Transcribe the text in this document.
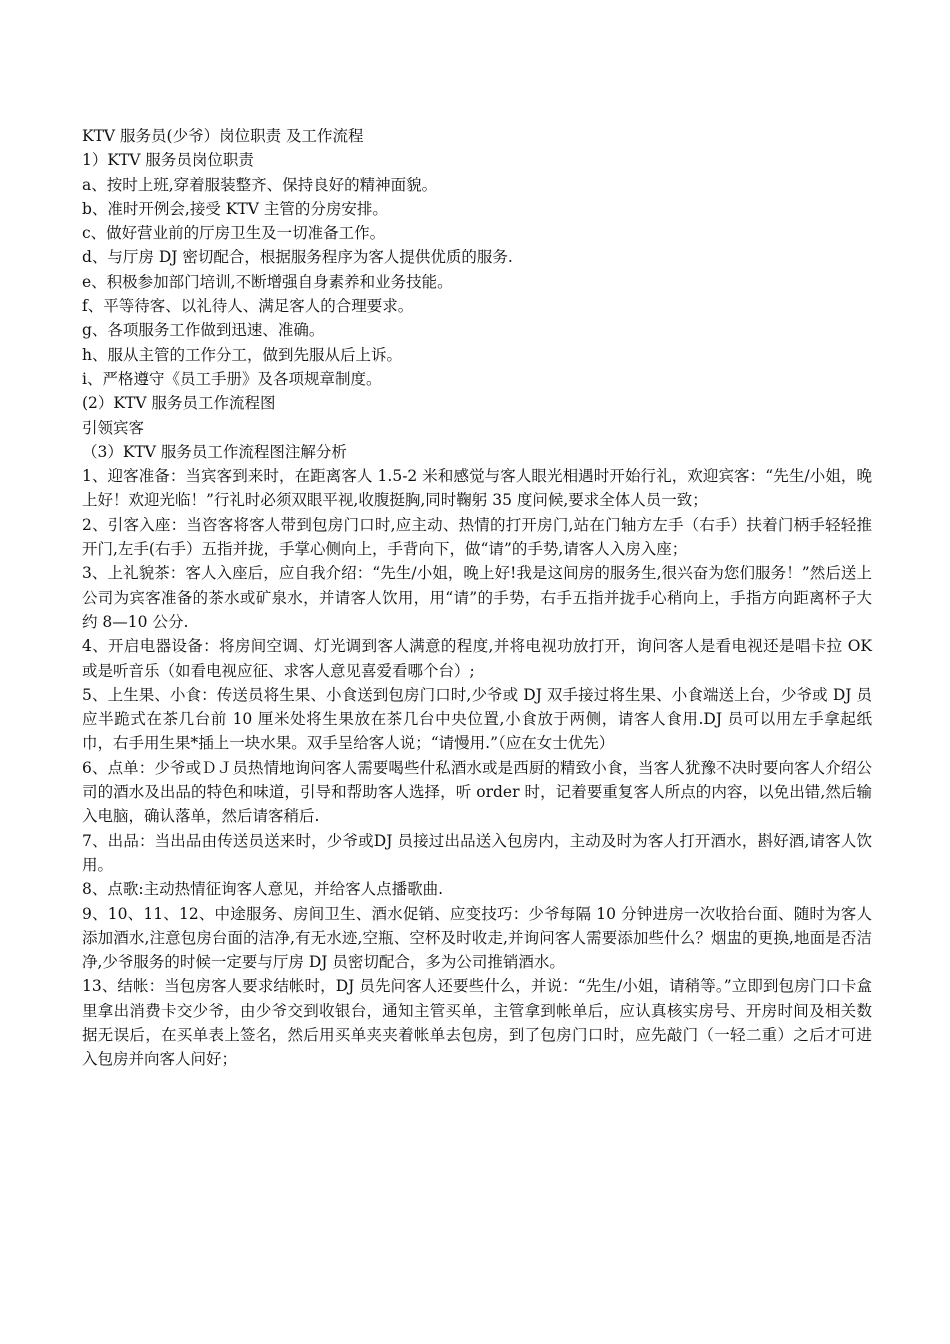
KTV 服务员(少爷）岗位职责 及工作流程

1）KTV 服务员岗位职责

a、按时上班,穿着服装整齐、保持良好的精神面貌。

b、准时开例会,接受 KTV 主管的分房安排。

c、做好营业前的厅房卫生及一切准备工作。

d、与厅房 DJ 密切配合，根据服务程序为客人提供优质的服务.

e、积极参加部门培训,不断增强自身素养和业务技能。

f、平等待客、以礼待人、满足客人的合理要求。

g、各项服务工作做到迅速、准确。

h、服从主管的工作分工，做到先服从后上诉。

i、严格遵守《员工手册》及各项规章制度。

(2）KTV 服务员工作流程图

引领宾客

（3）KTV 服务员工作流程图注解分析

1、迎客准备：当宾客到来时，在距离客人 1.5-2 米和感觉与客人眼光相遇时开始行礼，欢迎宾客：“先生/小姐，晚上好！欢迎光临！”行礼时必须双眼平视,收腹挺胸,同时鞠躬 35 度问候,要求全体人员一致；

2、引客入座：当咨客将客人带到包房门口时,应主动、热情的打开房门,站在门轴方左手（右手）扶着门柄手轻轻推开门,左手(右手）五指并拢，手掌心侧向上，手背向下，做“请”的手势,请客人入房入座；

3、上礼貌茶：客人入座后，应自我介绍：“先生/小姐，晚上好!我是这间房的服务生,很兴奋为您们服务！”然后送上公司为宾客准备的茶水或矿泉水，并请客人饮用，用“请”的手势，右手五指并拢手心稍向上，手指方向距离杯子大约 8—10 公分.

4、开启电器设备：将房间空调、灯光调到客人满意的程度,并将电视功放打开，询问客人是看电视还是唱卡拉 OK 或是听音乐（如看电视应征、求客人意见喜爱看哪个台）;

5、上生果、小食：传送员将生果、小食送到包房门口时,少爷或 DJ 双手接过将生果、小食端送上台，少爷或 DJ 员应半跪式在茶几台前 10 厘米处将生果放在茶几台中央位置,小食放于两侧，请客人食用.DJ 员可以用左手拿起纸巾，右手用生果*插上一块水果。双手呈给客人说；“请慢用.”（应在女士优先）

6、点单：少爷或ＤＪ员热情地询问客人需要喝些什私酒水或是西厨的精致小食，当客人犹豫不决时要向客人介绍公司的酒水及出品的特色和味道，引导和帮助客人选择，听 order 时，记着要重复客人所点的内容，以免出错,然后输入电脑，确认落单，然后请客稍后.

7、出品：当出品由传送员送来时，少爷或DJ 员接过出品送入包房内，主动及时为客人打开酒水，斟好酒,请客人饮用。

8、点歌:主动热情征询客人意见，并给客人点播歌曲.

9、10、11、12、中途服务、房间卫生、酒水促销、应变技巧：少爷每隔 10 分钟进房一次收拾台面、随时为客人添加酒水,注意包房台面的洁净,有无水迹,空瓶、空杯及时收走,并询问客人需要添加些什么？烟盅的更换,地面是否洁净,少爷服务的时候一定要与厅房 DJ 员密切配合，多为公司推销酒水。

13、结帐：当包房客人要求结帐时，DJ 员先问客人还要些什么，并说：“先生/小姐，请稍等。”立即到包房门口卡盒里拿出消费卡交少爷，由少爷交到收银台，通知主管买单，主管拿到帐单后，应认真核实房号、开房时间及相关数据无误后，在买单表上签名，然后用买单夹夹着帐单去包房，到了包房门口时，应先敲门（一轻二重）之后才可进入包房并向客人问好；
